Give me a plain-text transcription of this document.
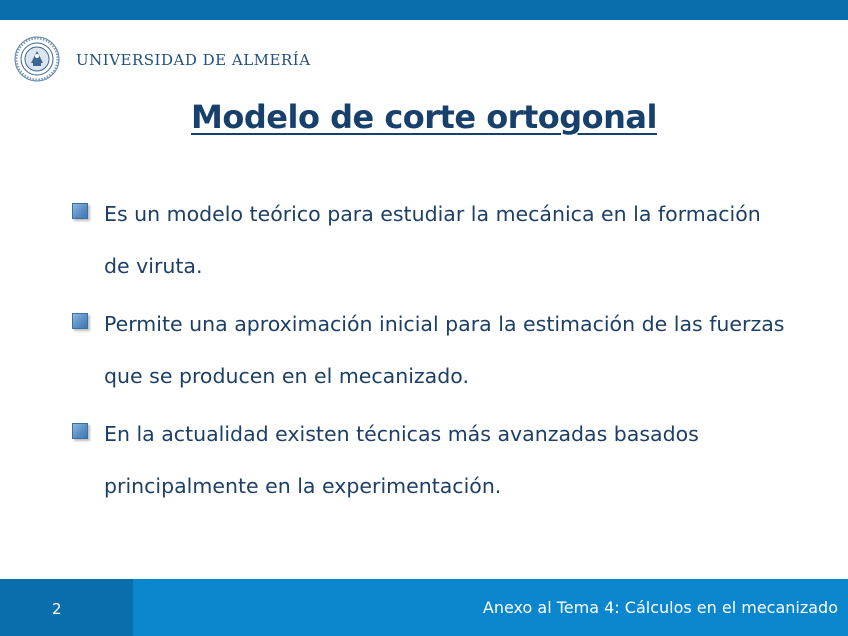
UNIVERSIDAD DE ALMERÍA
Modelo de corte ortogonal
Es un modelo teórico para estudiar la mecánica en la formación de viruta.
Permite una aproximación inicial para la estimación de las fuerzas que se producen en el mecanizado.
En la actualidad existen técnicas más avanzadas basados principalmente en la experimentación.
2	Anexo al Tema 4: Cálculos en el mecanizado
